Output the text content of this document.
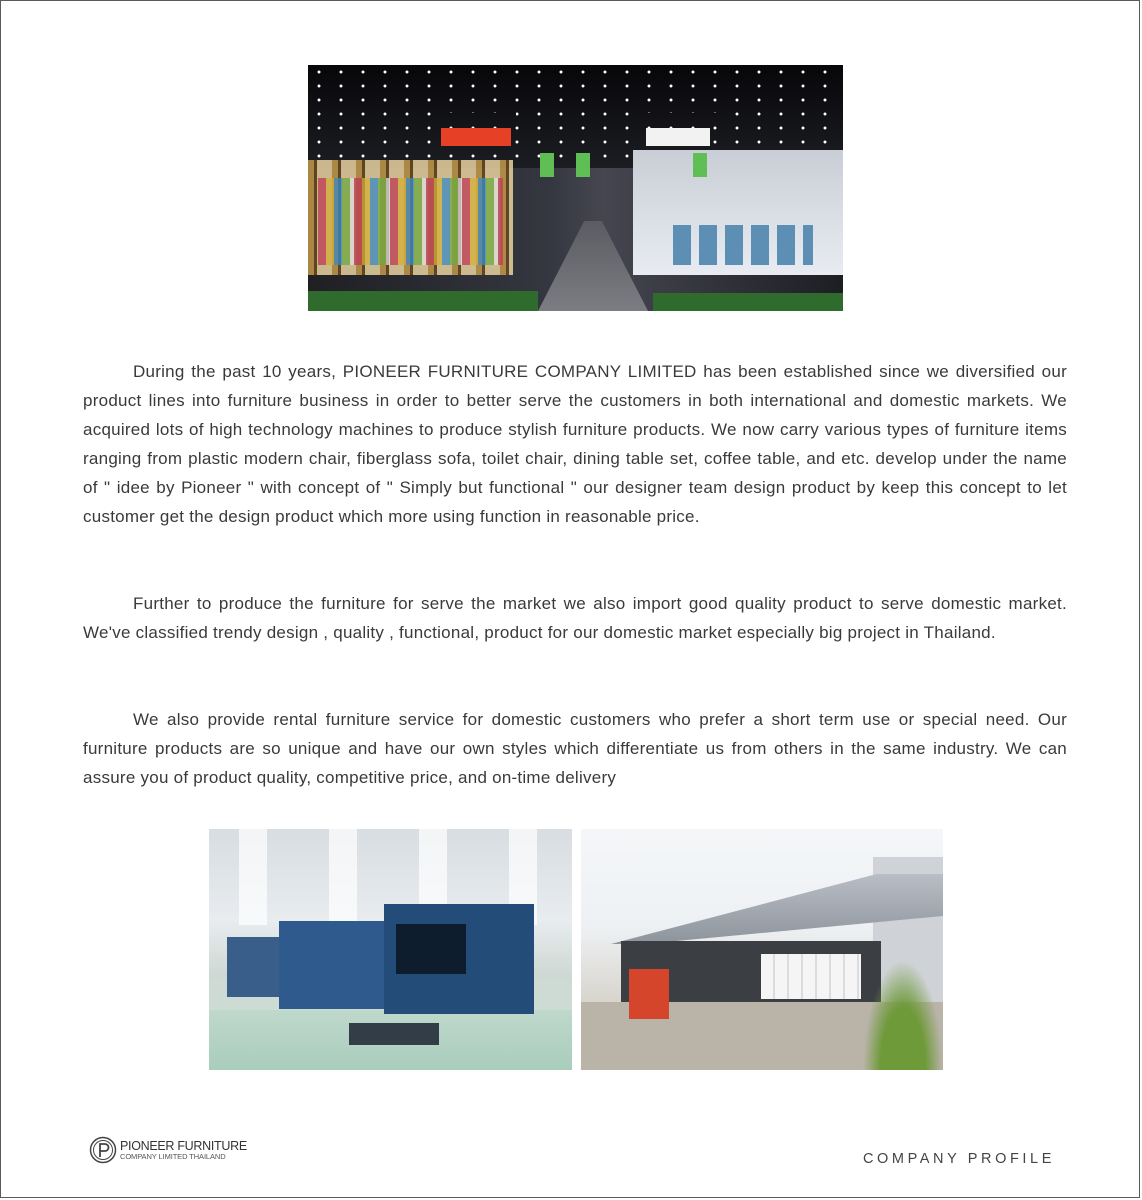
During the past 10 years, PIONEER FURNITURE COMPANY LIMITED has been established since we diversified our product lines into furniture business in order to better serve the customers in both international and domestic markets. We acquired lots of high technology machines to produce stylish furniture products. We now carry various types of furniture items ranging from plastic modern chair, fiberglass sofa, toilet chair, dining table set, coffee table, and etc. develop under the name of " idee by Pioneer " with concept of " Simply but functional " our designer team design product by keep this concept to let customer get the design product which more using function in reasonable price.

Further to produce the furniture for serve the market we also import good quality product to serve domestic market. We've classified trendy design , quality , functional, product for our domestic market especially big project in Thailand.

We also provide rental furniture service for domestic customers who prefer a short term use or special need. Our furniture products are so unique and have our own styles which differentiate us from others in the same industry. We can assure you of product quality, competitive price, and on-time delivery

PIONEER FURNITURE
COMPANY LIMITED THAILAND	COMPANY PROFILE
